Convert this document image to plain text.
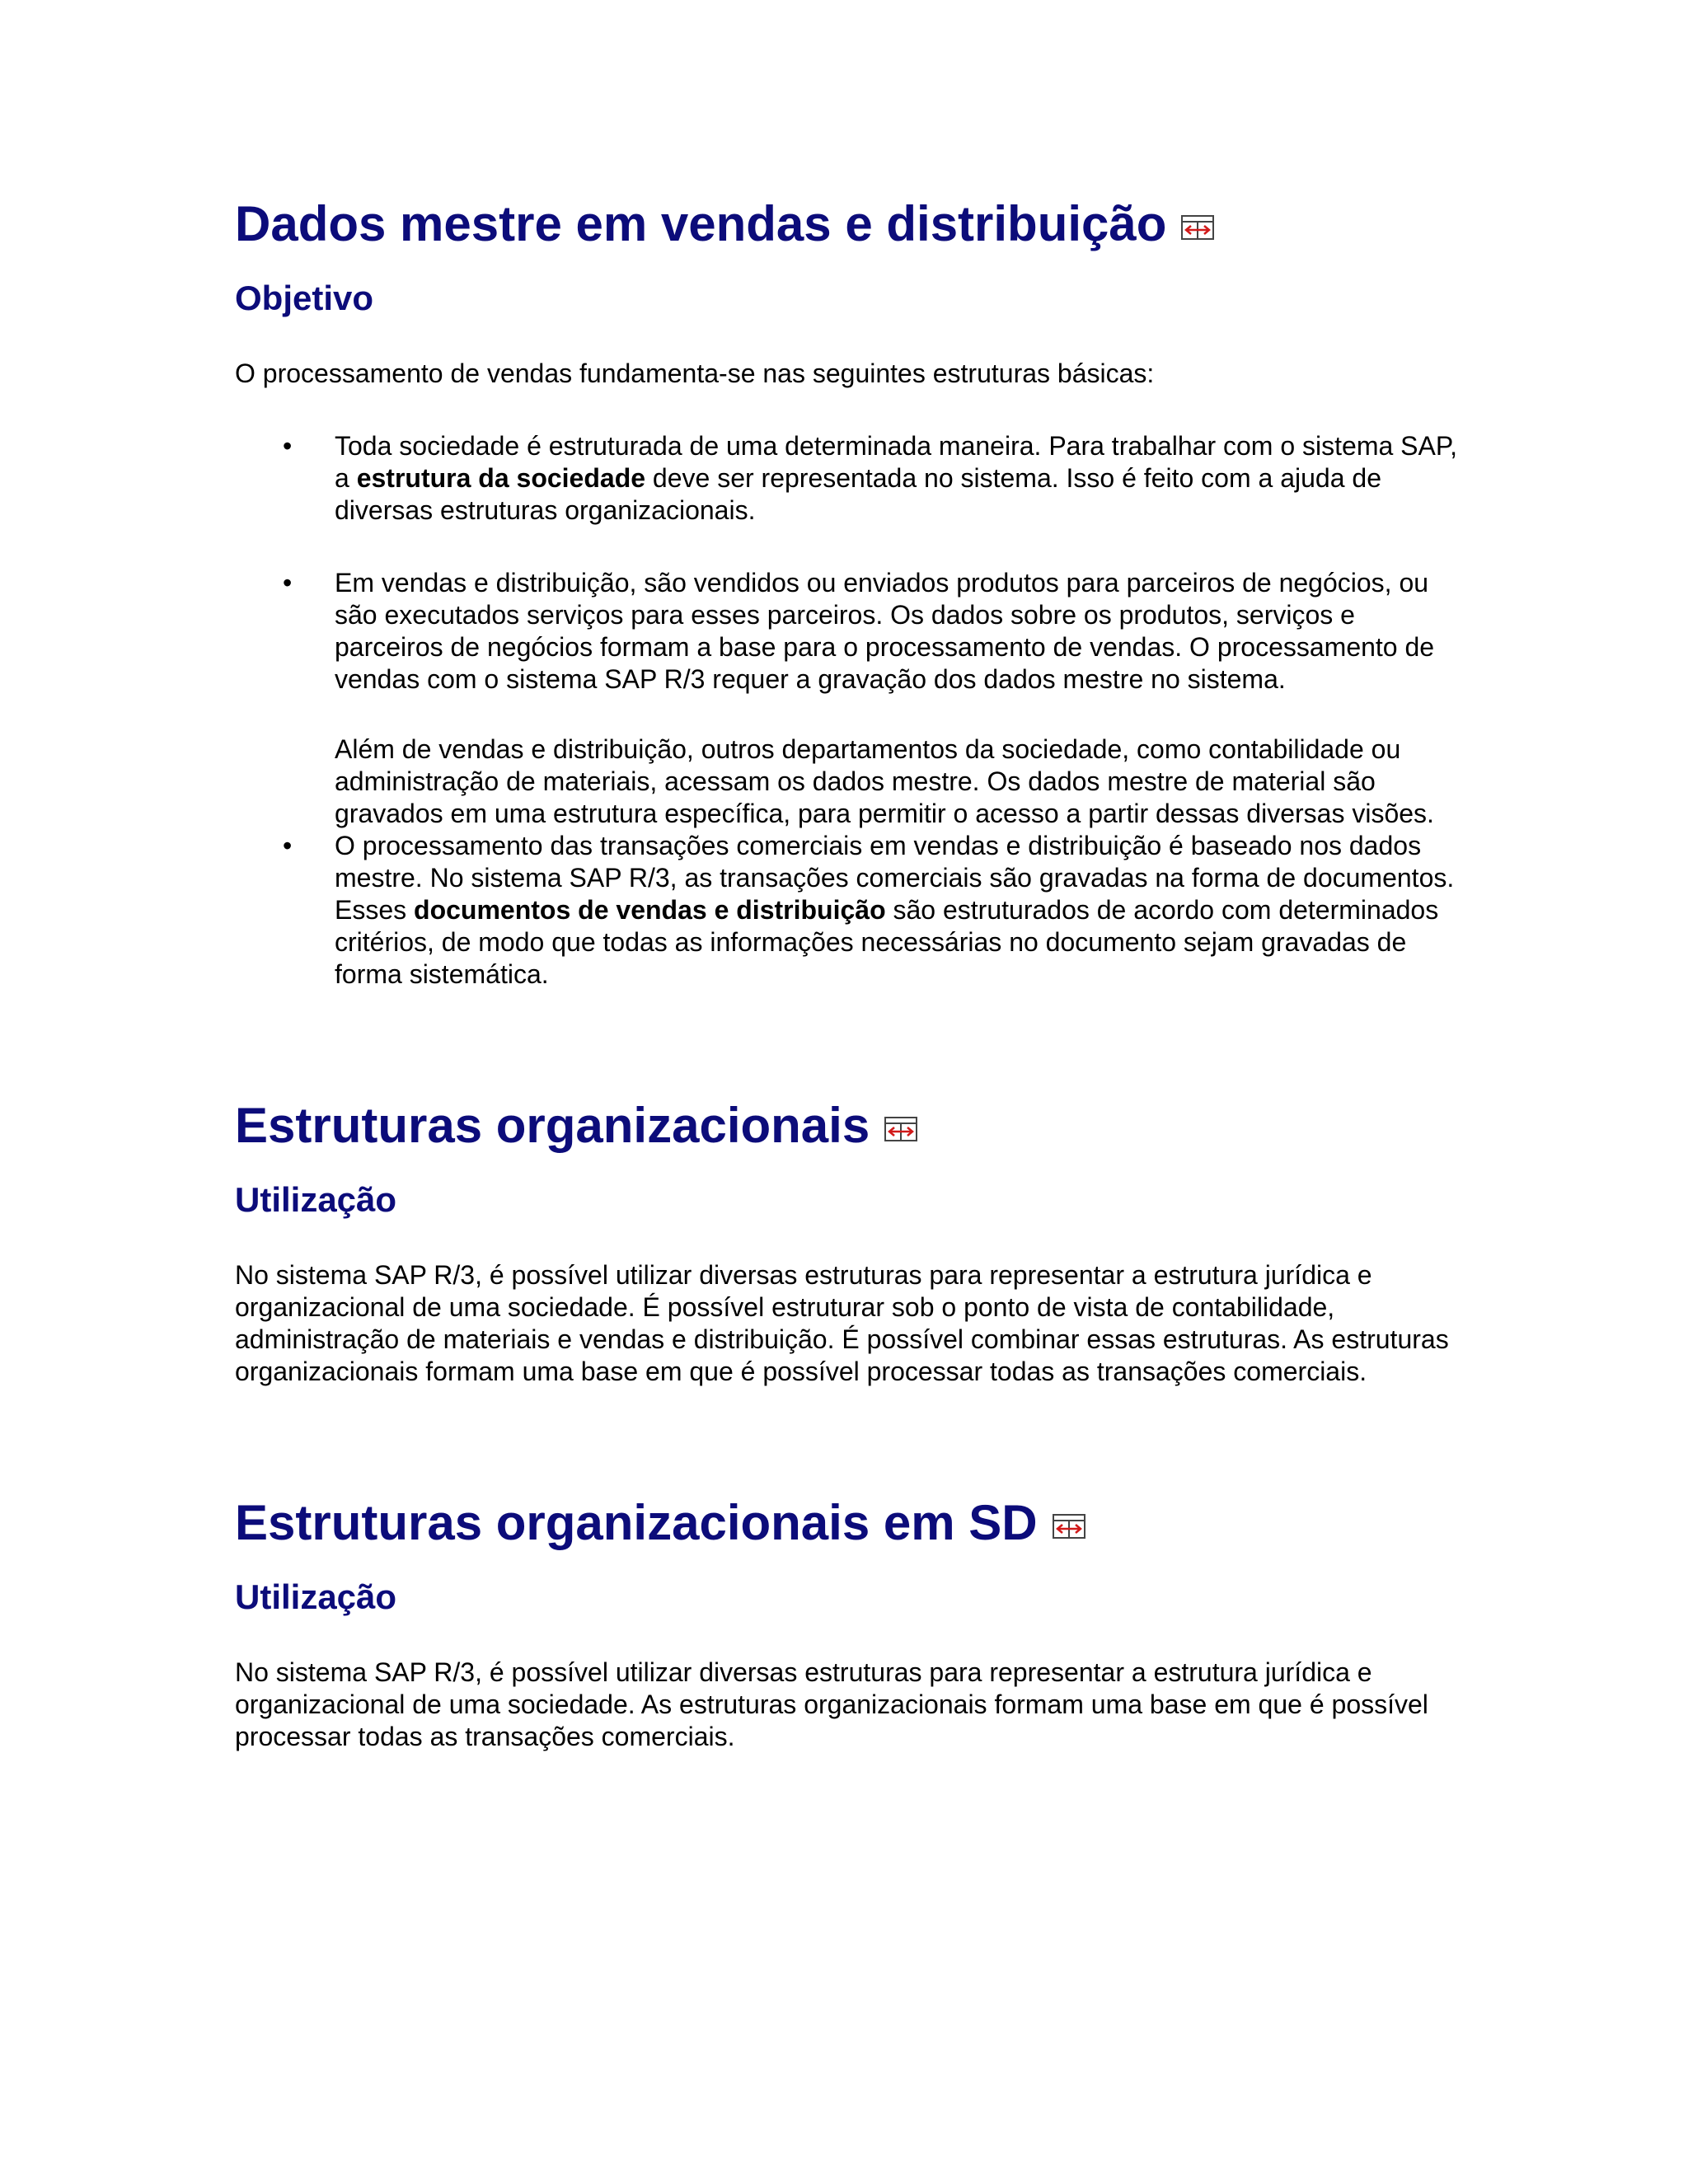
Dados mestre em vendas e distribuição
Objetivo

O processamento de vendas fundamenta-se nas seguintes estruturas básicas:

• Toda sociedade é estruturada de uma determinada maneira. Para trabalhar com o sistema SAP, a estrutura da sociedade deve ser representada no sistema. Isso é feito com a ajuda de diversas estruturas organizacionais.
• Em vendas e distribuição, são vendidos ou enviados produtos para parceiros de negócios, ou são executados serviços para esses parceiros. Os dados sobre os produtos, serviços e parceiros de negócios formam a base para o processamento de vendas. O processamento de vendas com o sistema SAP R/3 requer a gravação dos dados mestre no sistema.

Além de vendas e distribuição, outros departamentos da sociedade, como contabilidade ou administração de materiais, acessam os dados mestre. Os dados mestre de material são gravados em uma estrutura específica, para permitir o acesso a partir dessas diversas visões.

• O processamento das transações comerciais em vendas e distribuição é baseado nos dados mestre. No sistema SAP R/3, as transações comerciais são gravadas na forma de documentos. Esses documentos de vendas e distribuição são estruturados de acordo com determinados critérios, de modo que todas as informações necessárias no documento sejam gravadas de forma sistemática.
Estruturas organizacionais
Utilização

No sistema SAP R/3, é possível utilizar diversas estruturas para representar a estrutura jurídica e organizacional de uma sociedade. É possível estruturar sob o ponto de vista de contabilidade, administração de materiais e vendas e distribuição. É possível combinar essas estruturas. As estruturas organizacionais formam uma base em que é possível processar todas as transações comerciais.

Estruturas organizacionais em SD
Utilização

No sistema SAP R/3, é possível utilizar diversas estruturas para representar a estrutura jurídica e organizacional de uma sociedade. As estruturas organizacionais formam uma base em que é possível processar todas as transações comerciais.
